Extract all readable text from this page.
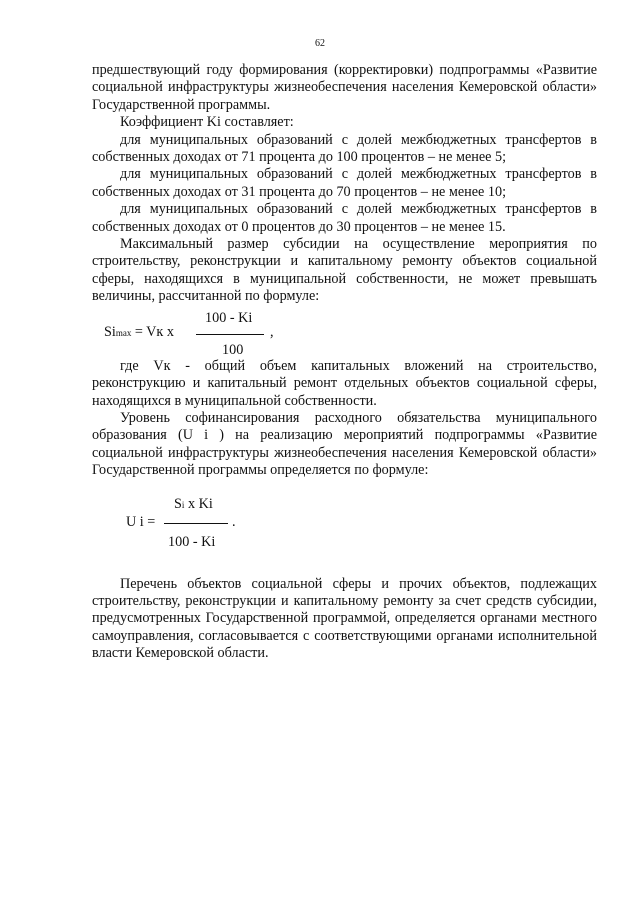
62

предшествующий году формирования (корректировки) подпрограммы «Развитие социальной инфраструктуры жизнеобеспечения населения Кемеровской области» Государственной программы.

Коэффициент Ki составляет:

для муниципальных образований с долей межбюджетных трансфертов в собственных доходах от 71 процента до 100 процентов – не менее 5;

для муниципальных образований с долей межбюджетных трансфертов в собственных доходах от 31 процента до 70 процентов – не менее 10;

для муниципальных образований с долей межбюджетных трансфертов в собственных доходах от 0 процентов до 30 процентов – не менее 15.

Максимальный размер субсидии на осуществление мероприятия по строительству, реконструкции и капитальному ремонту объектов социальной сферы, находящихся в муниципальной собственности, не может превышать величины, рассчитанной по формуле:

100 - Ki
Simax = Vк х	,
100

где Vк - общий объем капитальных вложений на строительство, реконструкцию и капитальный ремонт отдельных объектов социальной сферы, находящихся в муниципальной собственности.

Уровень софинансирования расходного обязательства муниципального образования (U i ) на реализацию мероприятий подпрограммы «Развитие социальной инфраструктуры жизнеобеспечения населения Кемеровской области» Государственной программы определяется по формуле:

Si х Ki
U i =	.
100 - Ki

Перечень объектов социальной сферы и прочих объектов, подлежащих строительству, реконструкции и капитальному ремонту за счет средств субсидии, предусмотренных Государственной программой, определяется органами местного самоуправления, согласовывается с соответствующими органами исполнительной власти Кемеровской области.
